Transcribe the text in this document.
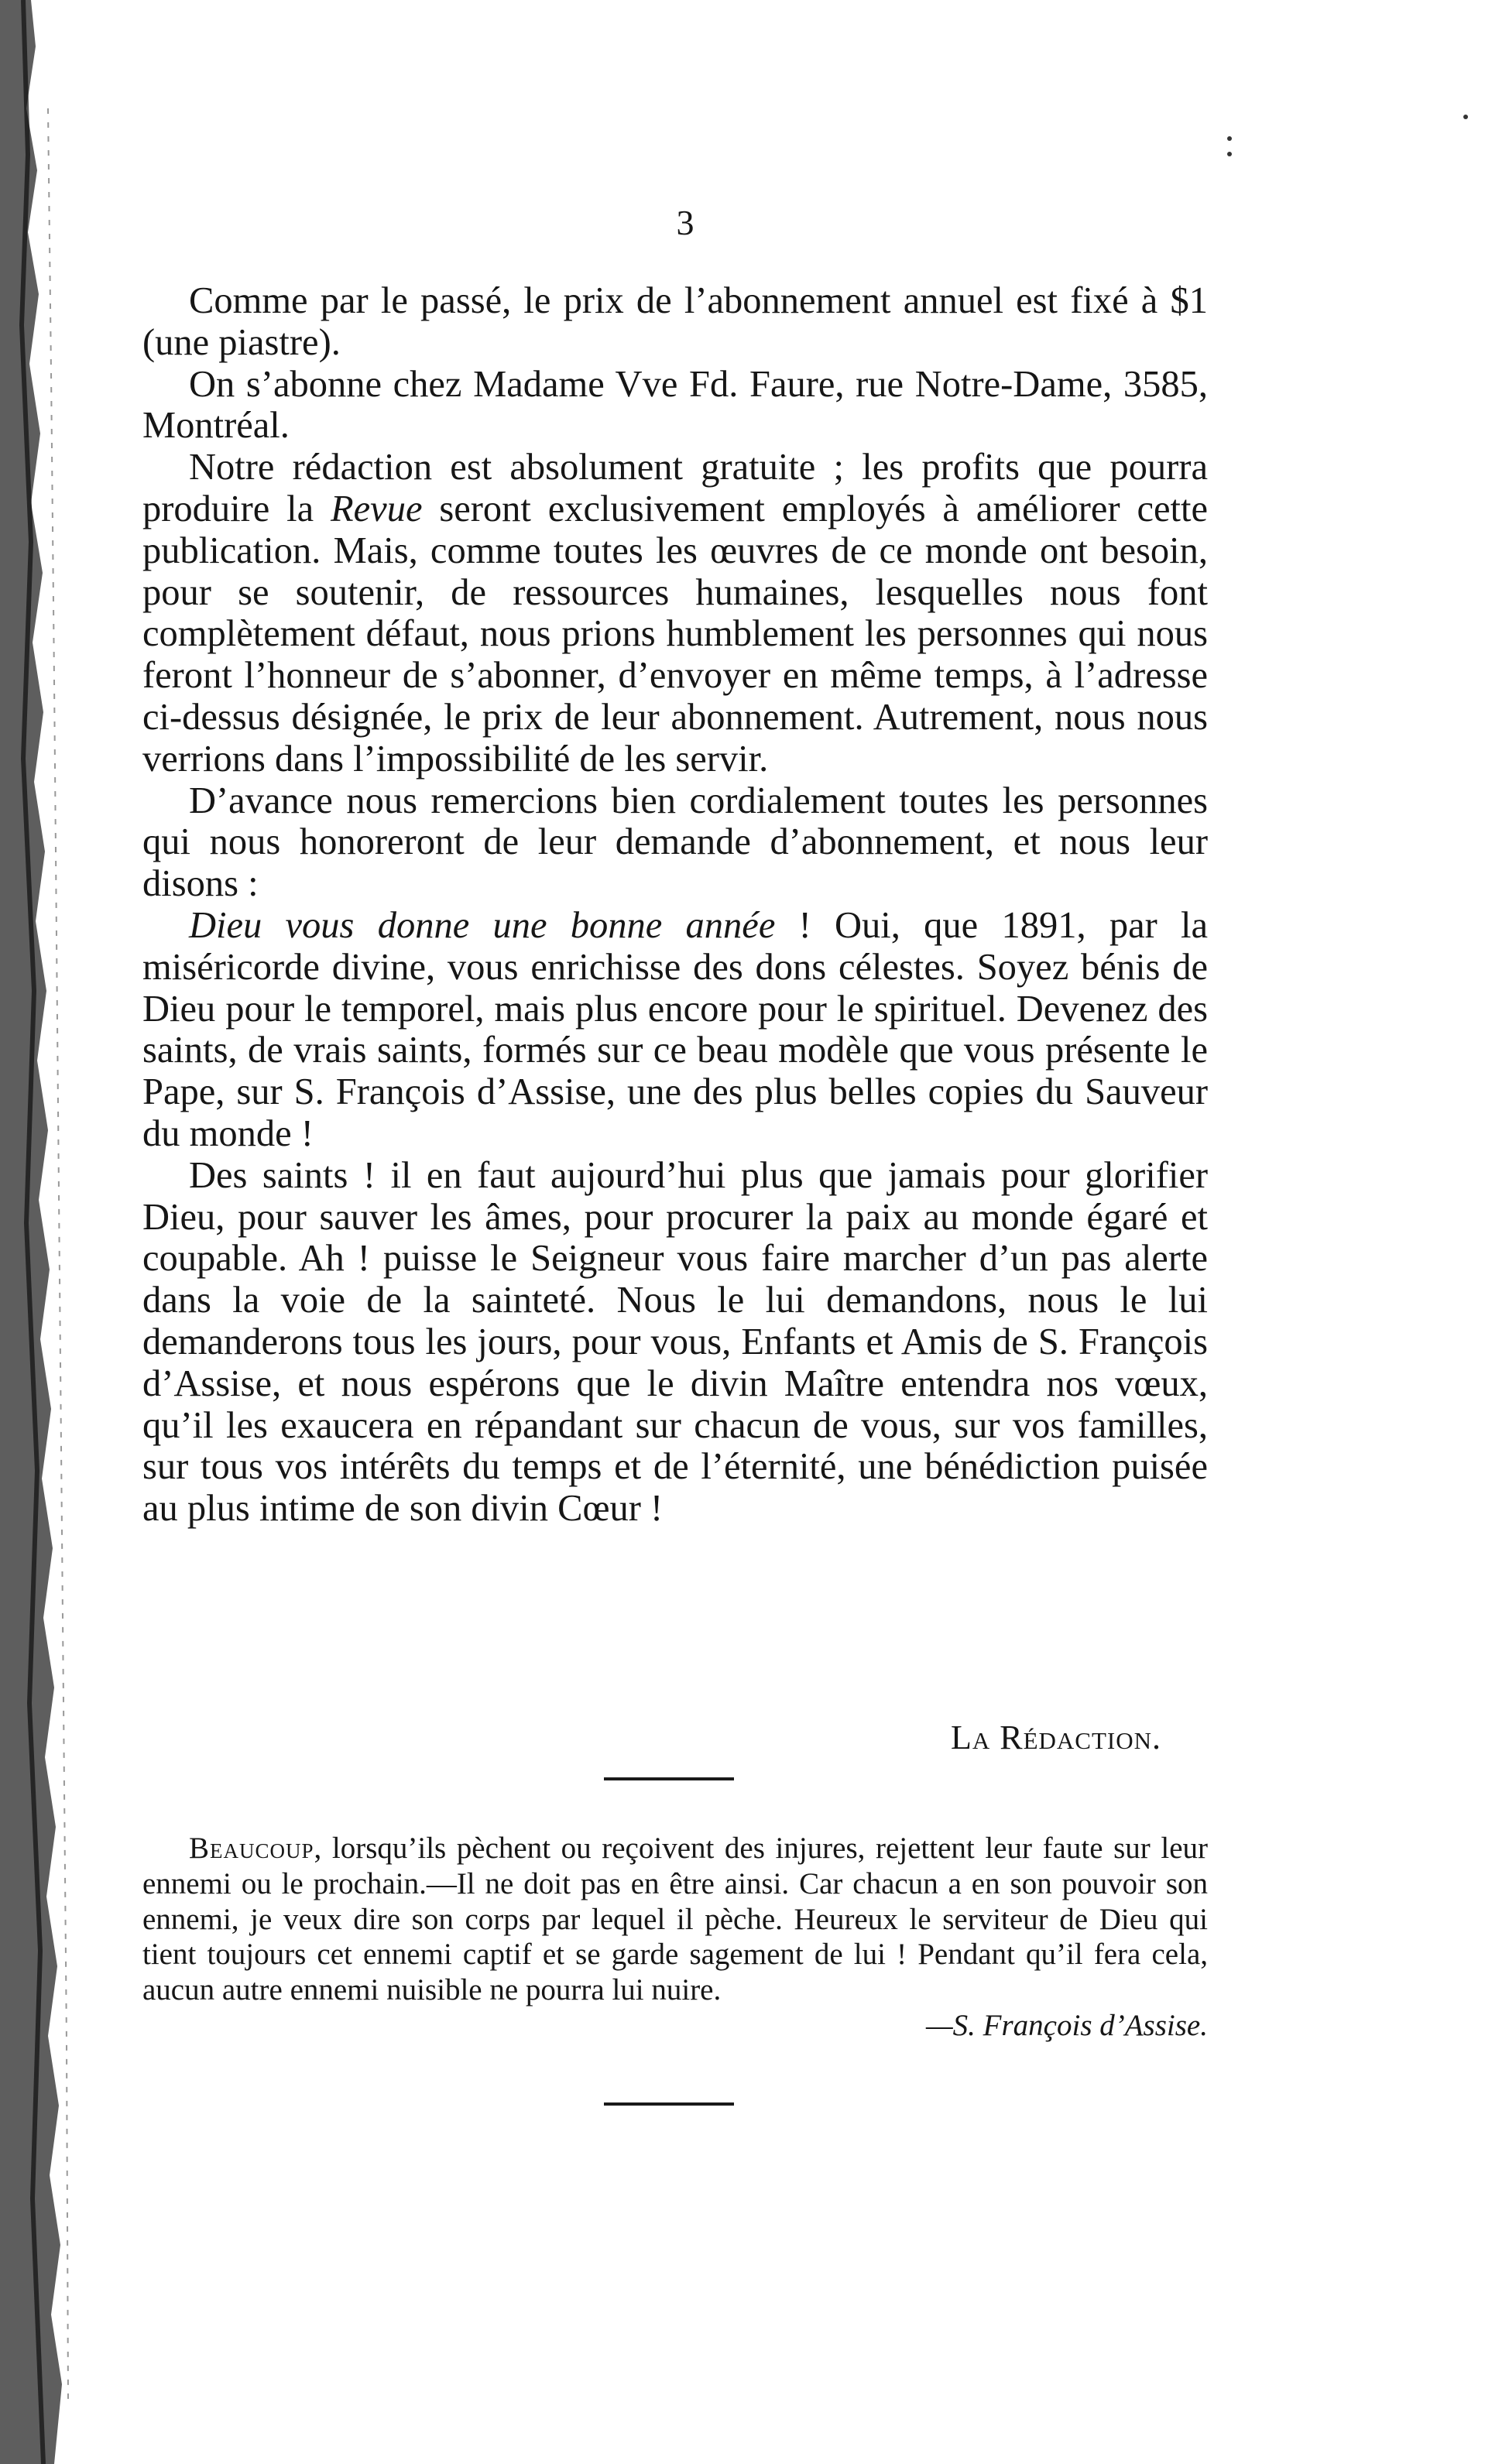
3

Comme par le passé, le prix de l’abonnement annuel est fixé à $1 (une piastre).

On s’abonne chez Madame Vve Fd. Faure, rue Notre-Dame, 3585, Montréal.

Notre rédaction est absolument gratuite ; les profits que pourra produire la Revue seront exclusivement employés à améliorer cette publication. Mais, comme toutes les œuvres de ce monde ont besoin, pour se soutenir, de ressources humaines, lesquelles nous font complètement défaut, nous prions humblement les personnes qui nous feront l’honneur de s’abonner, d’envoyer en même temps, à l’adresse ci-dessus désignée, le prix de leur abonnement. Autrement, nous nous verrions dans l’impossibilité de les servir.

D’avance nous remercions bien cordialement toutes les personnes qui nous honoreront de leur demande d’abonnement, et nous leur disons :

Dieu vous donne une bonne année ! Oui, que 1891, par la miséricorde divine, vous enrichisse des dons célestes. Soyez bénis de Dieu pour le temporel, mais plus encore pour le spirituel. Devenez des saints, de vrais saints, formés sur ce beau modèle que vous présente le Pape, sur S. François d’Assise, une des plus belles copies du Sauveur du monde !

Des saints ! il en faut aujourd’hui plus que jamais pour glorifier Dieu, pour sauver les âmes, pour procurer la paix au monde égaré et coupable. Ah ! puisse le Seigneur vous faire marcher d’un pas alerte dans la voie de la sainteté. Nous le lui demandons, nous le lui demanderons tous les jours, pour vous, Enfants et Amis de S. François d’Assise, et nous espérons que le divin Maître entendra nos vœux, qu’il les exaucera en répandant sur chacun de vous, sur vos familles, sur tous vos intérêts du temps et de l’éternité, une bénédiction puisée au plus intime de son divin Cœur !

La Rédaction.

Beaucoup, lorsqu’ils pèchent ou reçoivent des injures, rejettent leur faute sur leur ennemi ou le prochain.—Il ne doit pas en être ainsi. Car chacun a en son pouvoir son ennemi, je veux dire son corps par lequel il pèche. Heureux le serviteur de Dieu qui tient toujours cet ennemi captif et se garde sagement de lui ! Pendant qu’il fera cela, aucun autre ennemi nuisible ne pourra lui nuire.

—S. François d’Assise.
